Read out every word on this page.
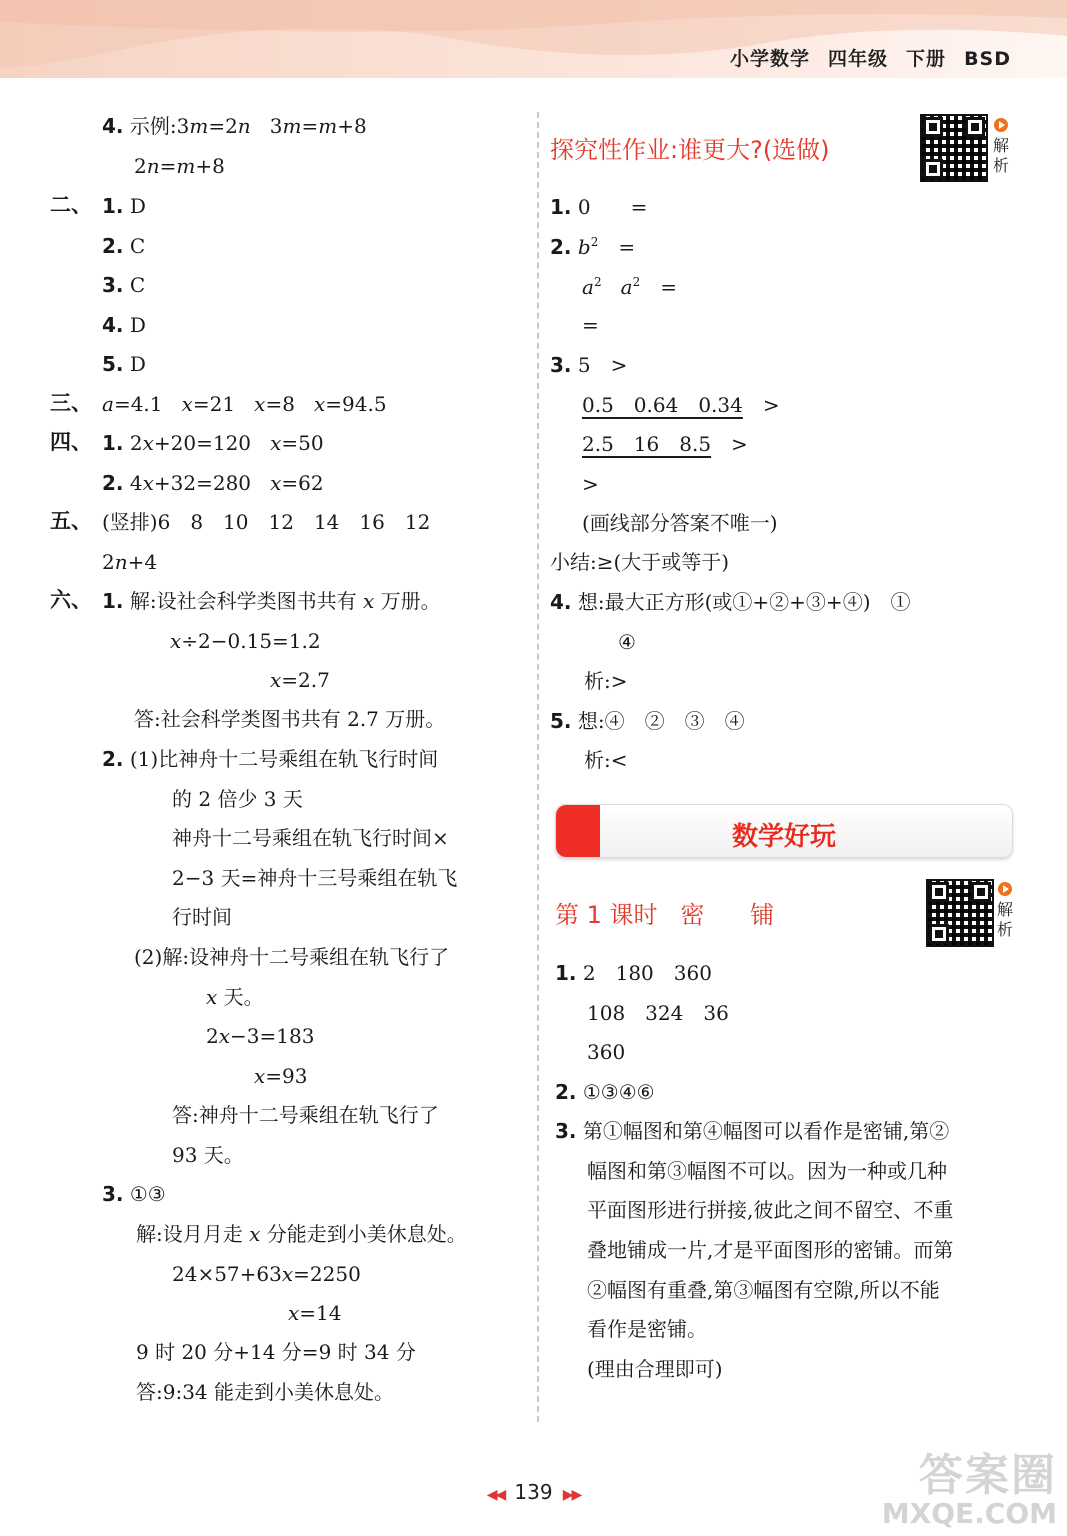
小学数学 四年级 下册 BSD
4. 示例:3m=2n 3m=m+8
2n=m+8
二、 1. D
2. C
3. C
4. D
5. D
三、 a=4.1 x=21 x=8 x=94.5
四、 1. 2x+20=120 x=50
2. 4x+32=280 x=62
五、 (竖排)6　8　10　12　14　16　12
2n+4
六、 1. 解:设社会科学类图书共有 x 万册。
x÷2−0.15=1.2
x=2.7
答:社会科学类图书共有 2.7 万册。
2. (1)比神舟十二号乘组在轨飞行时间
的 2 倍少 3 天
神舟十二号乘组在轨飞行时间×
2−3 天=神舟十三号乘组在轨飞
行时间
(2)解:设神舟十二号乘组在轨飞行了
x 天。
2x−3=183
x=93
答:神舟十二号乘组在轨飞行了
93 天。
3. ①③
解:设月月走 x 分能走到小美休息处。
24×57+63x=2250
x=14
9 时 20 分+14 分=9 时 34 分
答:9:34 能走到小美休息处。
探究性作业:谁更大?(选做)	解析
1. 0　　=
2. $b^2$　=
$a^2$ $a^2$　=
=
3. 5　>
0.5　0.64　0.34　>
2.5　16　8.5　>
>
(画线部分答案不唯一)
小结:≥(大于或等于)
4. 想:最大正方形(或①+②+③+④)　①
④
析:>
5. 想:④　②　③　④
析:<
数学好玩
第 1 课时 密 铺	解析
1. 2　180　360
108　324　36
360
2. ①③④⑥
3. 第①幅图和第④幅图可以看作是密铺,第②
幅图和第③幅图不可以。因为一种或几种
平面图形进行拼接,彼此之间不留空、不重
叠地铺成一片,才是平面图形的密铺。而第
②幅图有重叠,第③幅图有空隙,所以不能
看作是密铺。
(理由合理即可)
◀◀ 139 ▶▶	答案圈
MXQE.COM
